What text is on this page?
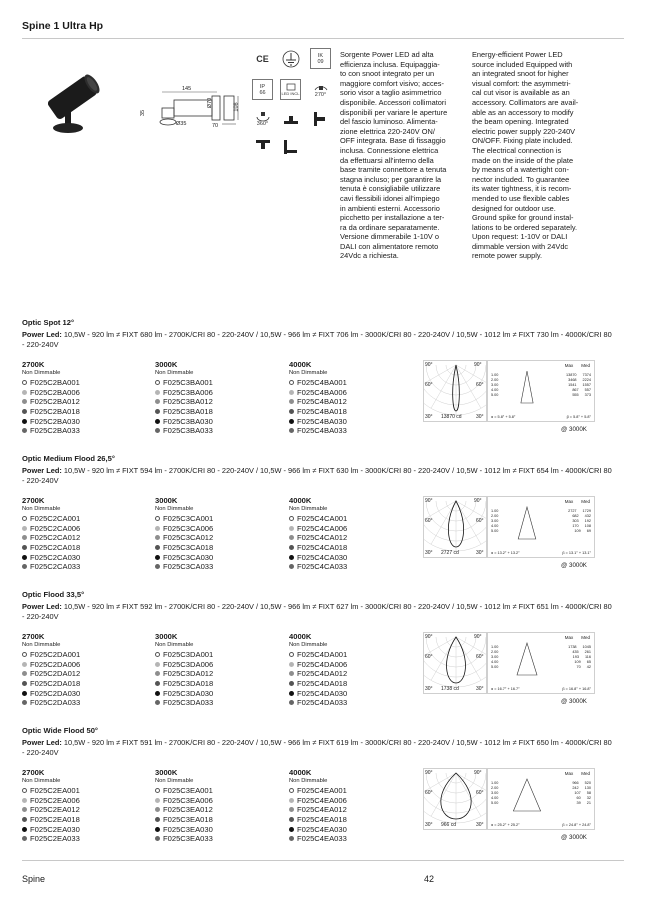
Spine 1 Ultra Hp
145
Ø70	108
Ø35	70
35
CE	IK
09
IP
66	LED INCL	270°
360°
Sorgente Power LED ad alta
efficienza inclusa. Equipaggia-
to con snoot integrato per un
maggiore comfort visivo; acces-
sorio visor a taglio asimmetrico
disponibile. Accessori collimatori
disponibili per variare le aperture
del fascio luminoso. Alimenta-
zione elettrica 220-240V ON/
OFF integrata. Base di fissaggio
inclusa. Connessione elettrica
da effettuarsi all'interno della
base tramite connettore a tenuta
stagna incluso; per garantire la
tenuta è consigliabile utilizzare
cavi flessibili idonei all'impiego
in ambienti esterni. Accessorio
picchetto per installazione a ter-
ra da ordinare separatamente.
Versione dimmerabile 1-10V o
DALI con alimentatore remoto
24Vdc a richiesta.
Energy-efficient Power LED
source included Equipped with
an integrated snoot for higher
visual comfort: the asymmetri-
cal cut visor is available as an
accessory. Collimators are avail-
able as an accessory to modify
the beam opening. Integrated
electric power supply 220-240V
ON/OFF. Fixing plate included.
The electrical connection is
made on the inside of the plate
by means of a watertight con-
nector included. To guarantee
its water tightness, it is recom-
mended to use flexible cables
designed for outdoor use.
Ground spike for ground instal-
lations to be ordered separately.
Upon request: 1-10V or DALI
dimmable version with 24Vdc
remote power supply.
Optic Spot 12°
Power Led: 10,5W - 920 lm ≠ FIXT 680 lm - 2700K/CRI 80 - 220-240V / 10,5W - 966 lm ≠ FIXT 706 lm - 3000K/CRI 80 - 220-240V / 10,5W - 1012 lm ≠ FIXT 730 lm - 4000K/CRI 80 - 220-240V
2700K
Non Dimmable
F025C2BA001
F025C2BA006
F025C2BA012
F025C2BA018
F025C2BA030
F025C2BA033
3000K
Non Dimmable
F025C3BA001
F025C3BA006
F025C3BA012
F025C3BA018
F025C3BA030
F025C3BA033
4000K
Non Dimmable
F025C4BA001
F025C4BA006
F025C4BA012
F025C4BA018
F025C4BA030
F025C4BA033
90°	90°
60°	60°
30°	30°
13870 cd
Max Med
1.00	13870 7374
2.00	3468 2224
3.00	1541 1557
4.00	867 557
5.00	555 373
α = 5.8° + 5.8°	β = 5.8° + 5.8°
@ 3000K
Optic Medium Flood 26,5°
Power Led: 10,5W - 920 lm ≠ FIXT 594 lm - 2700K/CRI 80 - 220-240V / 10,5W - 966 lm ≠ FIXT 630 lm - 3000K/CRI 80 - 220-240V / 10,5W - 1012 lm ≠ FIXT 654 lm - 4000K/CRI 80 - 220-240V
2700K
Non Dimmable
F025C2CA001
F025C2CA006
F025C2CA012
F025C2CA018
F025C2CA030
F025C2CA033
3000K
Non Dimmable
F025C3CA001
F025C3CA006
F025C3CA012
F025C3CA018
F025C3CA030
F025C3CA033
4000K
Non Dimmable
F025C4CA001
F025C4CA006
F025C4CA012
F025C4CA018
F025C4CA030
F025C4CA033
90°	90°
60°	60°
30°	30°
2727 cd
Max Med
1.00	2727 1729
2.00	682 432
3.00	303 192
4.00	170 108
5.00	109 69
α = 13.2° + 13.2°	β = 13.1° + 13.1°
@ 3000K
Optic Flood 33,5°
Power Led: 10,5W - 920 lm ≠ FIXT 592 lm - 2700K/CRI 80 - 220-240V / 10,5W - 966 lm ≠ FIXT 627 lm - 3000K/CRI 80 - 220-240V / 10,5W - 1012 lm ≠ FIXT 651 lm - 4000K/CRI 80 - 220-240V
2700K
Non Dimmable
F025C2DA001
F025C2DA006
F025C2DA012
F025C2DA018
F025C2DA030
F025C2DA033
3000K
Non Dimmable
F025C3DA001
F025C3DA006
F025C3DA012
F025C3DA018
F025C3DA030
F025C3DA033
4000K
Non Dimmable
F025C4DA001
F025C4DA006
F025C4DA012
F025C4DA018
F025C4DA030
F025C4DA033
90°	90°
60°	60°
30°	30°
1738 cd
Max Med
1.00	1738 1045
2.00	435 261
3.00	193 116
4.00	109 65
5.00	70 42
α = 16.7° + 16.7°	β = 16.8° + 16.8°
@ 3000K
Optic Wide Flood 50°
Power Led: 10,5W - 920 lm ≠ FIXT 591 lm - 2700K/CRI 80 - 220-240V / 10,5W - 966 lm ≠ FIXT 619 lm - 3000K/CRI 80 - 220-240V / 10,5W - 1012 lm ≠ FIXT 650 lm - 4000K/CRI 80 - 220-240V
2700K
Non Dimmable
F025C2EA001
F025C2EA006
F025C2EA012
F025C2EA018
F025C2EA030
F025C2EA033
3000K
Non Dimmable
F025C3EA001
F025C3EA006
F025C3EA012
F025C3EA018
F025C3EA030
F025C3EA033
4000K
Non Dimmable
F025C4EA001
F025C4EA006
F025C4EA012
F025C4EA018
F025C4EA030
F025C4EA033
90°	90°
60°	60°
30°	30°
966 cd
Max Med
1.00	966 520
2.00	242 130
3.00	107 58
4.00	60 32
5.00	39 21
α = 25.2° + 25.2°	β = 24.8° + 24.8°
@ 3000K
Spine	42
